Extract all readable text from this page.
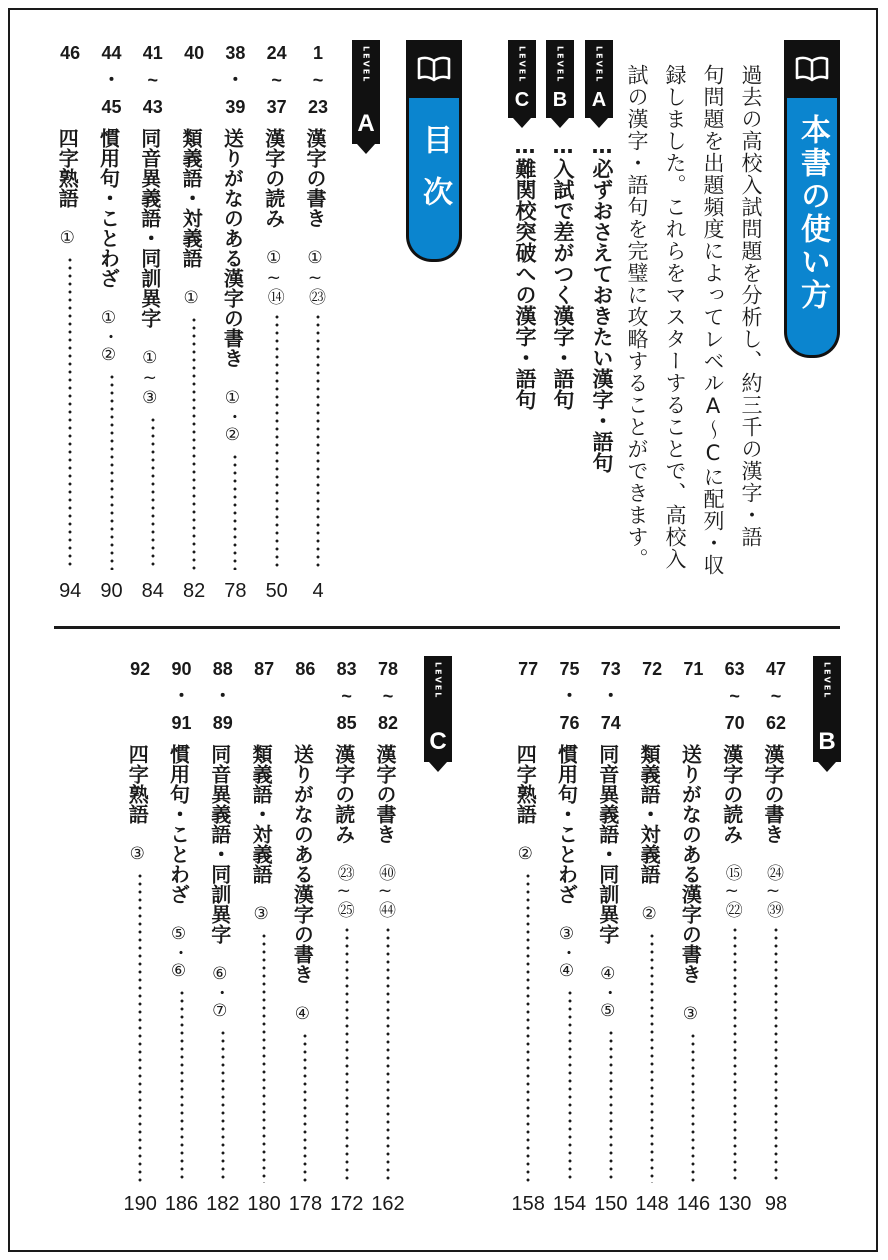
本書の使い方
過去の高校入試問題を分析し、約三千の漢字・語
句問題を出題頻度によってレベルA〜Cに配列・収
録しました。これらをマスターすることで、高校入
試の漢字・語句を完璧に攻略することができます。
LEVEL
A
…必ずおさえておきたい漢字・語句
LEVEL
B
…入試で差がつく漢字・語句
LEVEL
C
…難関校突破への漢字・語句
目次
LEVEL
A
1
~
23
漢字の書き　①~㉓
4
24
~
37
漢字の読み　①~⑭
50
38
・
39
送りがなのある漢字の書き　①・②
78
40
類義語・対義語　①
82
41
~
43
同音異義語・同訓異字　①~③
84
44
・
45
慣用句・ことわざ　①・②
90
46
四字熟語　①
94
LEVEL
B
47
~
62
漢字の書き　㉔~㊴
98
63
~
70
漢字の読み　⑮~㉒
130
71
送りがなのある漢字の書き　③
146
72
類義語・対義語　②
148
73
・
74
同音異義語・同訓異字　④・⑤
150
75
・
76
慣用句・ことわざ　③・④
154
77
四字熟語　②
158
LEVEL
C
78
~
82
漢字の書き　㊵~㊹
162
83
~
85
漢字の読み　㉓~㉕
172
86
送りがなのある漢字の書き　④
178
87
類義語・対義語　③
180
88
・
89
同音異義語・同訓異字　⑥・⑦
182
90
・
91
慣用句・ことわざ　⑤・⑥
186
92
四字熟語　③
190
